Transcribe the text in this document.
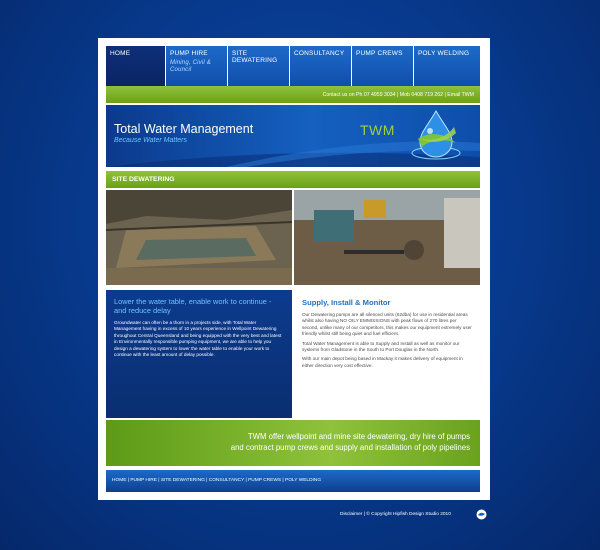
HOME	PUMP HIRE
Mining, Civil & Council
SITE DEWATERING
CONSULTANCY	PUMP CREWS	POLY WELDING
Contact us on Ph 07 4959 3034 | Mob 0408 719 262 | Email TWM
Total Water Management
Because Water Matters
TWM
SITE DEWATERING
Lower the water table, enable work to continue - and reduce delay
Groundwater can often be a thorn in a projects side, with Total Water Management having in excess of 10 years experience in Wellpoint Dewatering throughout Central Queensland and being equipped with the very best and latest in Environmentally responsible pumping equipment, we are able to help you design a dewatering system to lower the water table to enable your work to continue with the least amount of delay possible.
Supply, Install & Monitor

Our Dewatering pumps are all silenced units (62dba) for use in residential areas whilst also having NO OILY EMMISSIONS with peak flows of 270 litres per second, unlike many of our competitors, this makes our equipment extremely user friendly whilst still being quiet and fuel efficient.

Total Water Management is able to Supply and Install as well as monitor our systems from Gladstone in the South to Port Douglas in the North.

With our main depot being based in Mackay it makes delivery of equipment in either direction very cost effective.

TWM offer wellpoint and mine site dewatering, dry hire of pumps
and contract pump crews and supply and installation of poly pipelines
HOME | PUMP HIRE | SITE DEWATERING | CONSULTANCY | PUMP CREWS | POLY WELDING
Disclaimer | © Copyright Hipfish Design Studio 2010
